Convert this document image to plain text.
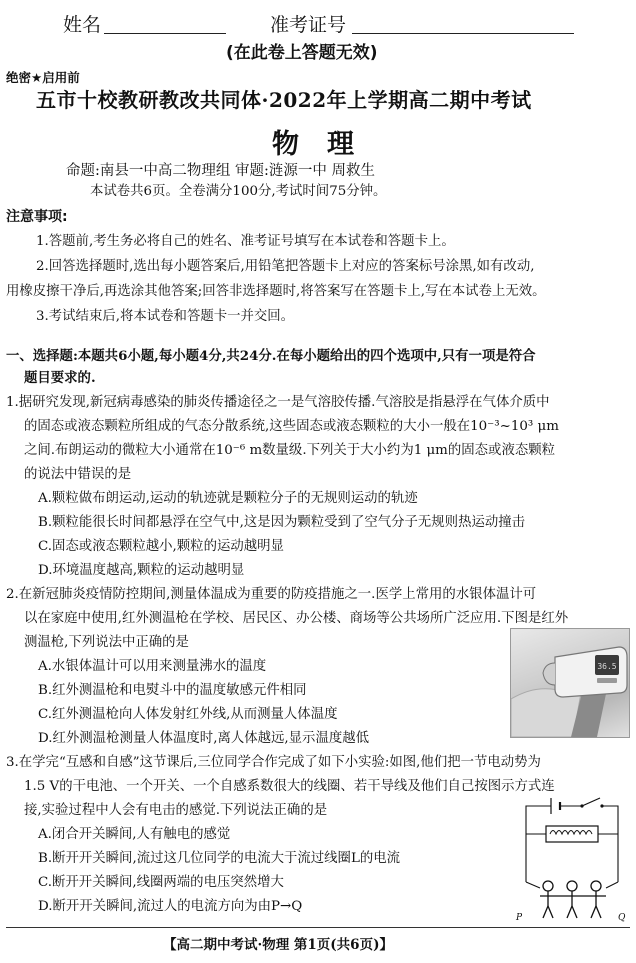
姓名	准考证号
(在此卷上答题无效)
绝密★启用前
五市十校教研教改共同体·2022年上学期高二期中考试
物理
命题:南县一中高二物理组 审题:涟源一中 周救生
本试卷共6页。全卷满分100分,考试时间75分钟。
注意事项:
1.答题前,考生务必将自己的姓名、准考证号填写在本试卷和答题卡上。
2.回答选择题时,选出每小题答案后,用铅笔把答题卡上对应的答案标号涂黑,如有改动,
用橡皮擦干净后,再选涂其他答案;回答非选择题时,将答案写在答题卡上,写在本试卷上无效。
3.考试结束后,将本试卷和答题卡一并交回。
一、选择题:本题共6小题,每小题4分,共24分.在每小题给出的四个选项中,只有一项是符合
题目要求的.
1.据研究发现,新冠病毒感染的肺炎传播途径之一是气溶胶传播.气溶胶是指悬浮在气体介质中
的固态或液态颗粒所组成的气态分散系统,这些固态或液态颗粒的大小一般在10⁻³~10³ μm
之间.布朗运动的微粒大小通常在10⁻⁶ m数量级.下列关于大小约为1 μm的固态或液态颗粒
的说法中错误的是
A.颗粒做布朗运动,运动的轨迹就是颗粒分子的无规则运动的轨迹
B.颗粒能很长时间都悬浮在空气中,这是因为颗粒受到了空气分子无规则热运动撞击
C.固态或液态颗粒越小,颗粒的运动越明显
D.环境温度越高,颗粒的运动越明显
2.在新冠肺炎疫情防控期间,测量体温成为重要的防疫措施之一.医学上常用的水银体温计可
以在家庭中使用,红外测温枪在学校、居民区、办公楼、商场等公共场所广泛应用.下图是红外
测温枪,下列说法中正确的是
A.水银体温计可以用来测量沸水的温度
B.红外测温枪和电熨斗中的温度敏感元件相同
C.红外测温枪向人体发射红外线,从而测量人体温度
D.红外测温枪测量人体温度时,离人体越远,显示温度越低
36.5
3.在学完“互感和自感”这节课后,三位同学合作完成了如下小实验:如图,他们把一节电动势为
1.5 V的干电池、一个开关、一个自感系数很大的线圈、若干导线及他们自己按图示方式连
接,实验过程中人会有电击的感觉.下列说法正确的是
A.闭合开关瞬间,人有触电的感觉
B.断开开关瞬间,流过这几位同学的电流大于流过线圈L的电流
C.断开开关瞬间,线圈两端的电压突然增大
D.断开开关瞬间,流过人的电流方向为由P→Q
P	Q
【高二期中考试·物理 第1页(共6页)】
